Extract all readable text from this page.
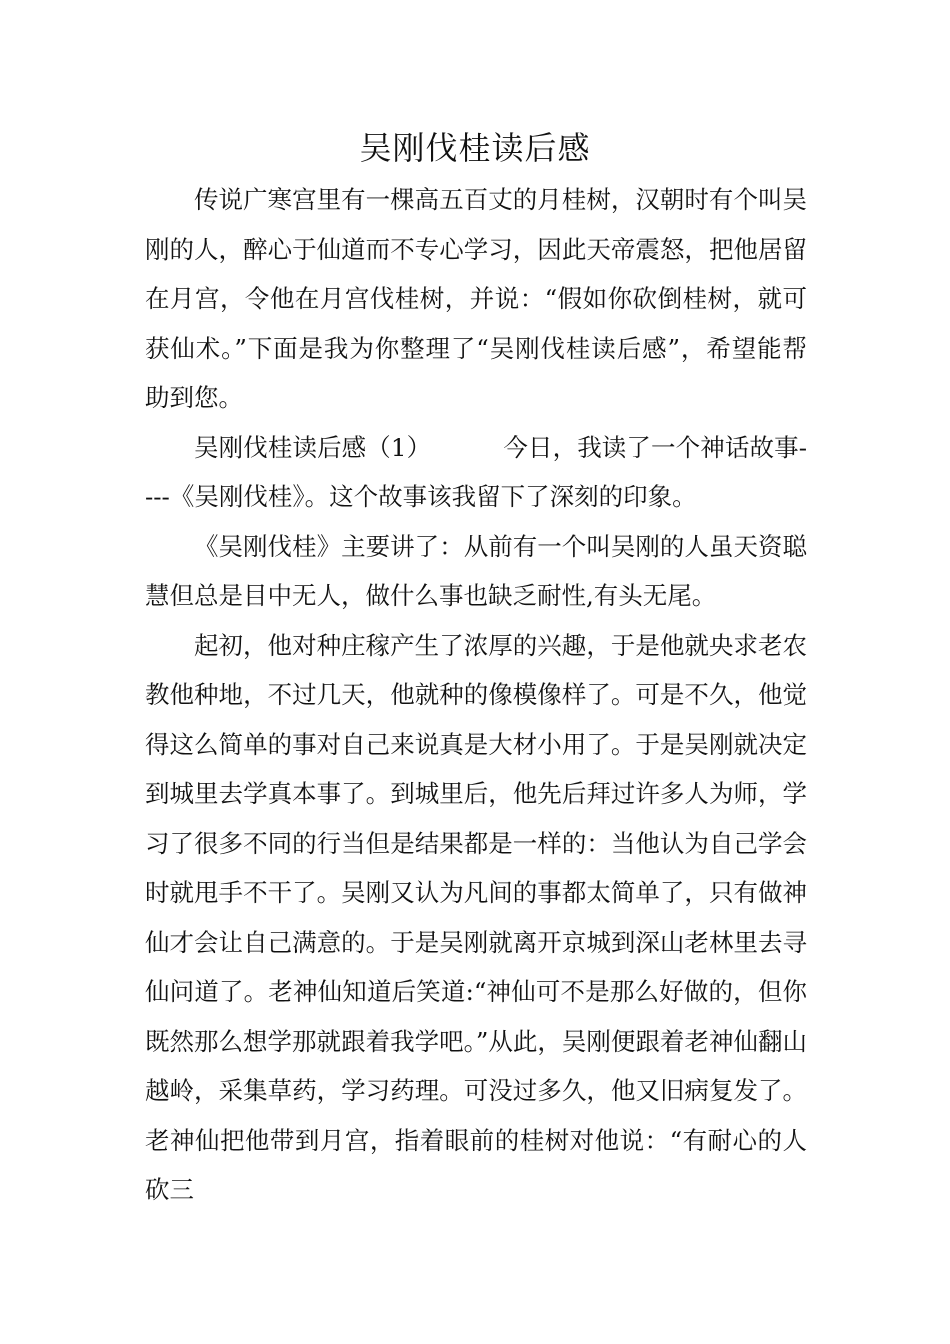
吴刚伐桂读后感

传说广寒宫里有一棵高五百丈的月桂树，汉朝时有个叫吴刚的人，醉心于仙道而不专心学习，因此天帝震怒，把他居留在月宫，令他在月宫伐桂树，并说：“假如你砍倒桂树，就可获仙术。”下面是我为你整理了“吴刚伐桂读后感”，希望能帮助到您。

吴刚伐桂读后感（1）	今日，我读了一个神话故事----《吴刚伐桂》。这个故事该我留下了深刻的印象。

《吴刚伐桂》主要讲了：从前有一个叫吴刚的人虽天资聪慧但总是目中无人，做什么事也缺乏耐性,有头无尾。

起初，他对种庄稼产生了浓厚的兴趣，于是他就央求老农教他种地，不过几天，他就种的像模像样了。可是不久，他觉得这么简单的事对自己来说真是大材小用了。于是吴刚就决定到城里去学真本事了。到城里后，他先后拜过许多人为师，学习了很多不同的行当但是结果都是一样的：当他认为自己学会时就甩手不干了。吴刚又认为凡间的事都太简单了，只有做神仙才会让自己满意的。于是吴刚就离开京城到深山老林里去寻仙问道了。老神仙知道后笑道:“神仙可不是那么好做的，但你既然那么想学那就跟着我学吧。”从此，吴刚便跟着老神仙翻山越岭，采集草药，学习药理。可没过多久，他又旧病复发了。老神仙把他带到月宫，指着眼前的桂树对他说：“有耐心的人砍三
